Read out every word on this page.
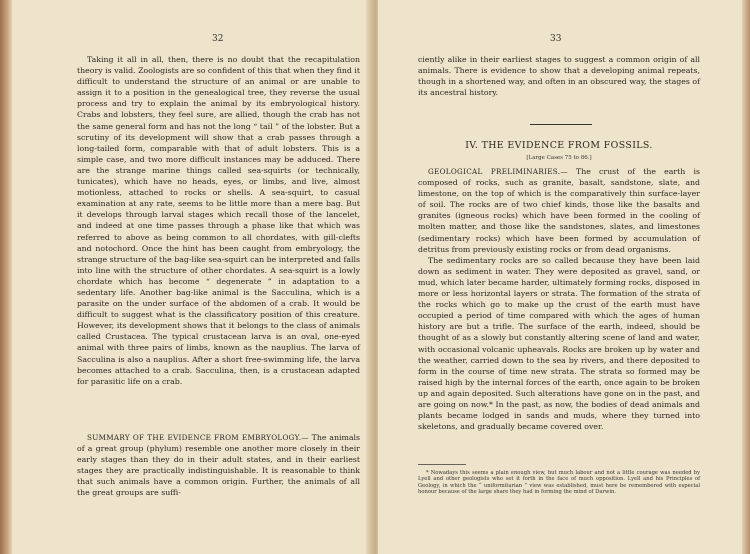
32

Taking it all in all, then, there is no doubt that the recapitulation theory is valid. Zoologists are so confident of this that when they find it difficult to understand the structure of an animal or are unable to assign it to a position in the genealogical tree, they reverse the usual process and try to explain the animal by its embryological history. Crabs and lobsters, they feel sure, are allied, though the crab has not the same general form and has not the long “ tail ” of the lobster. But a scrutiny of its development will show that a crab passes through a long-tailed form, comparable with that of adult lobsters. This is a simple case, and two more difficult instances may be adduced. There are the strange marine things called sea-squirts (or technically, tunicates), which have no heads, eyes, or limbs, and live, almost motionless, attached to rocks or shells. A sea-squirt, to casual examination at any rate, seems to be little more than a mere bag. But it develops through larval stages which recall those of the lancelet, and indeed at one time passes through a phase like that which was referred to above as being common to all chordates, with gill-clefts and notochord. Once the hint has been caught from embryology, the strange structure of the bag-like sea-squirt can be interpreted and falls into line with the structure of other chordates. A sea-squirt is a lowly chordate which has become “ degenerate ” in adaptation to a sedentary life. Another bag-like animal is the Sacculina, which is a parasite on the under surface of the abdomen of a crab. It would be difficult to suggest what is the classificatory position of this creature. However, its development shows that it belongs to the class of animals called Crustacea. The typical crustacean larva is an oval, one-eyed animal with three pairs of limbs, known as the nauplius. The larva of Sacculina is also a nauplius. After a short free-swimming life, the larva becomes attached to a crab. Sacculina, then, is a crustacean adapted for parasitic life on a crab.

SUMMARY OF THE EVIDENCE FROM EMBRYOLOGY.— The animals of a great group (phylum) resemble one another more closely in their early stages than they do in their adult states, and in their earliest stages they are practically indistinguishable. It is reasonable to think that such animals have a common origin. Further, the animals of all the great groups are suffi-

33

ciently alike in their earliest stages to suggest a common origin of all animals. There is evidence to show that a developing animal repeats, though in a shortened way, and often in an obscured way, the stages of its ancestral history.

IV. THE EVIDENCE FROM FOSSILS.
[Large Cases 75 to 86.]

GEOLOGICAL PRELIMINARIES.— The crust of the earth is composed of rocks, such as granite, basalt, sandstone, slate, and limestone, on the top of which is the comparatively thin surface-layer of soil. The rocks are of two chief kinds, those like the basalts and granites (igneous rocks) which have been formed in the cooling of molten matter, and those like the sandstones, slates, and limestones (sedimentary rocks) which have been formed by accumulation of detritus from previously existing rocks or from dead organisms.

The sedimentary rocks are so called because they have been laid down as sediment in water. They were deposited as gravel, sand, or mud, which later became harder, ultimately forming rocks, disposed in more or less horizontal layers or strata. The formation of the strata of the rocks which go to make up the crust of the earth must have occupied a period of time compared with which the ages of human history are but a trifle. The surface of the earth, indeed, should be thought of as a slowly but constantly altering scene of land and water, with occasional volcanic upheavals. Rocks are broken up by water and the weather, carried down to the sea by rivers, and there deposited to form in the course of time new strata. The strata so formed may be raised high by the internal forces of the earth, once again to be broken up and again deposited. Such alterations have gone on in the past, and are going on now.* In the past, as now, the bodies of dead animals and plants became lodged in sands and muds, where they turned into skeletons, and gradually became covered over.

* Nowadays this seems a plain enough view, but much labour and not a little courage was needed by Lyell and other geologists who set it forth in the face of much opposition. Lyell and his Principles of Geology, in which the “ uniformitarian ” view was established, must here be remembered with especial honour because of the large share they had in forming the mind of Darwin.
